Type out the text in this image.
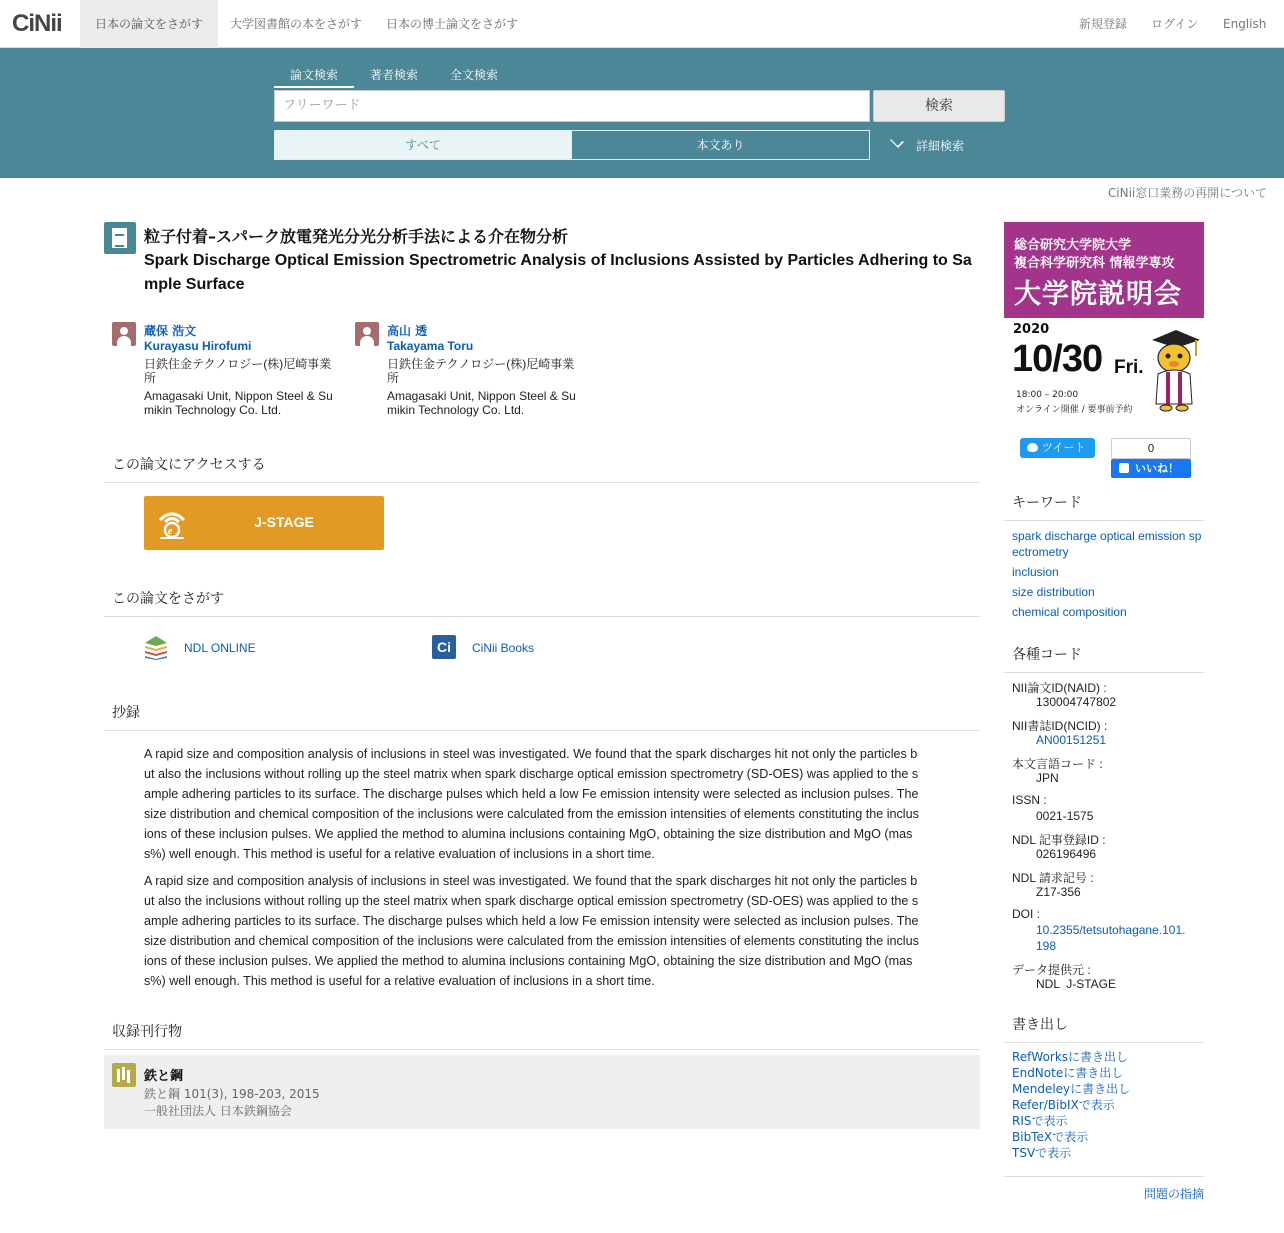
CiNii	日本の論文をさがす	大学図書館の本をさがす	日本の博士論文をさがす	新規登録 ログイン English
論文検索	著者検索	全文検索
フリーワード	検索
すべて	本文あり	詳細検索
CiNii窓口業務の再開について
粒子付着–スパーク放電発光分光分析手法による介在物分析
Spark Discharge Optical Emission Spectrometric Analysis of Inclusions Assisted by Particles Adhering to Sample Surface
蔵保 浩文
Kurayasu Hirofumi
日鉄住金テクノロジー(株)尼崎事業所
Amagasaki Unit, Nippon Steel & Sumikin Technology Co. Ltd.
高山 透
Takayama Toru
日鉄住金テクノロジー(株)尼崎事業所
Amagasaki Unit, Nippon Steel & Sumikin Technology Co. Ltd.
この論文にアクセスする
e
J-STAGE
この論文をさがす
NDL ONLINE	Ci	CiNii Books
抄録
A rapid size and composition analysis of inclusions in steel was investigated. We found that the spark discharges hit not only the particles but also the inclusions without rolling up the steel matrix when spark discharge optical emission spectrometry (SD-OES) was applied to the sample adhering particles to its surface. The discharge pulses which held a low Fe emission intensity were selected as inclusion pulses. The size distribution and chemical composition of the inclusions were calculated from the emission intensities of elements constituting the inclusions of these inclusion pulses. We applied the method to alumina inclusions containing MgO, obtaining the size distribution and MgO (mass%) well enough. This method is useful for a relative evaluation of inclusions in a short time.
A rapid size and composition analysis of inclusions in steel was investigated. We found that the spark discharges hit not only the particles but also the inclusions without rolling up the steel matrix when spark discharge optical emission spectrometry (SD-OES) was applied to the sample adhering particles to its surface. The discharge pulses which held a low Fe emission intensity were selected as inclusion pulses. The size distribution and chemical composition of the inclusions were calculated from the emission intensities of elements constituting the inclusions of these inclusion pulses. We applied the method to alumina inclusions containing MgO, obtaining the size distribution and MgO (mass%) well enough. This method is useful for a relative evaluation of inclusions in a short time.
収録刊行物
鉄と鋼
鉄と鋼 101(3), 198-203, 2015
一般社団法人 日本鉄鋼協会
総合研究大学院大学
複合科学研究科 情報学専攻
大学院説明会
2020
10/30 Fri.
18:00 – 20:00
オンライン開催 / 要事前予約
ツイート	0
いいね！
キーワード
spark discharge optical emission spectrometry
inclusion
size distribution
chemical composition
各種コード
NII論文ID(NAID) :
130004747802
NII書誌ID(NCID) :
AN00151251
本文言語コード :
JPN
ISSN :
0021-1575
NDL 記事登録ID :
026196496
NDL 請求記号 :
Z17-356
DOI :
10.2355/tetsutohagane.101.198
データ提供元 :
NDL  J-STAGE
書き出し
RefWorksに書き出し
EndNoteに書き出し
Mendeleyに書き出し
Refer/BibIXで表示
RISで表示
BibTeXで表示
TSVで表示
問題の指摘
